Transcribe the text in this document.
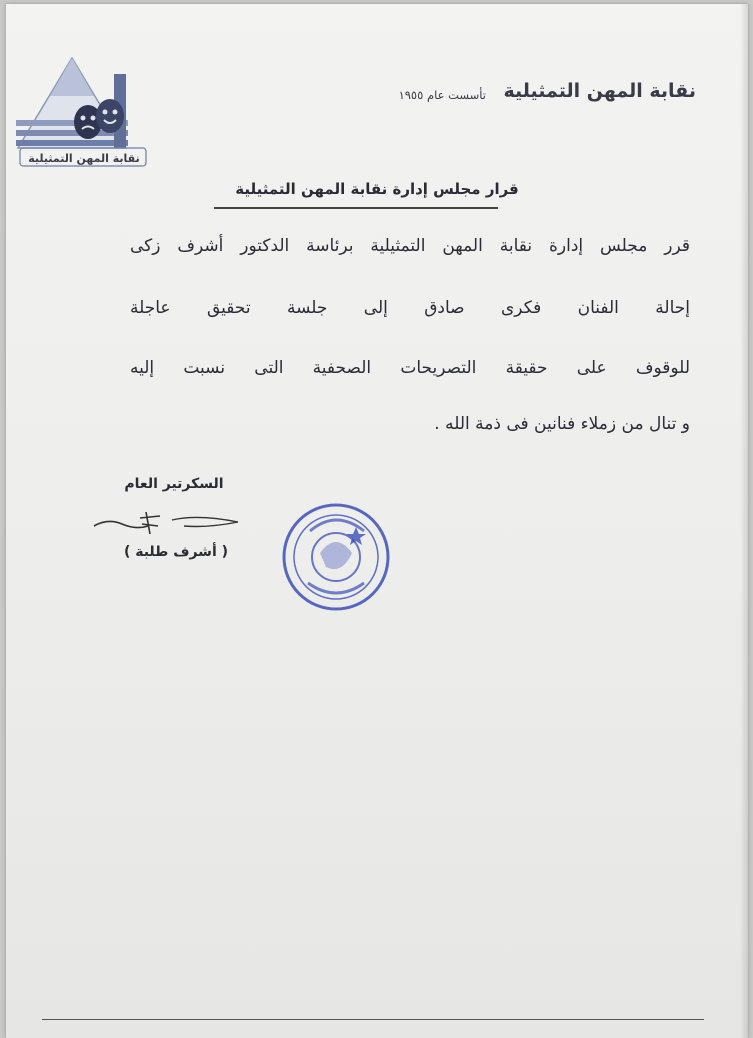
نقابة المهن التمثيلية
نقابة المهن التمثيلية
تأسست عام ١٩٥٥
قرار مجلس إدارة نقابة المهن التمثيلية
قرر مجلس إدارة نقابة المهن التمثيلية برئاسة الدكتور أشرف زكى
إحالة الفنان فكرى صادق إلى جلسة تحقيق عاجلة
للوقوف على حقيقة التصريحات الصحفية التى نسبت إليه
و تنال من زملاء فنانين فى ذمة الله .
السكرتير العام
( أشرف طلبة )
